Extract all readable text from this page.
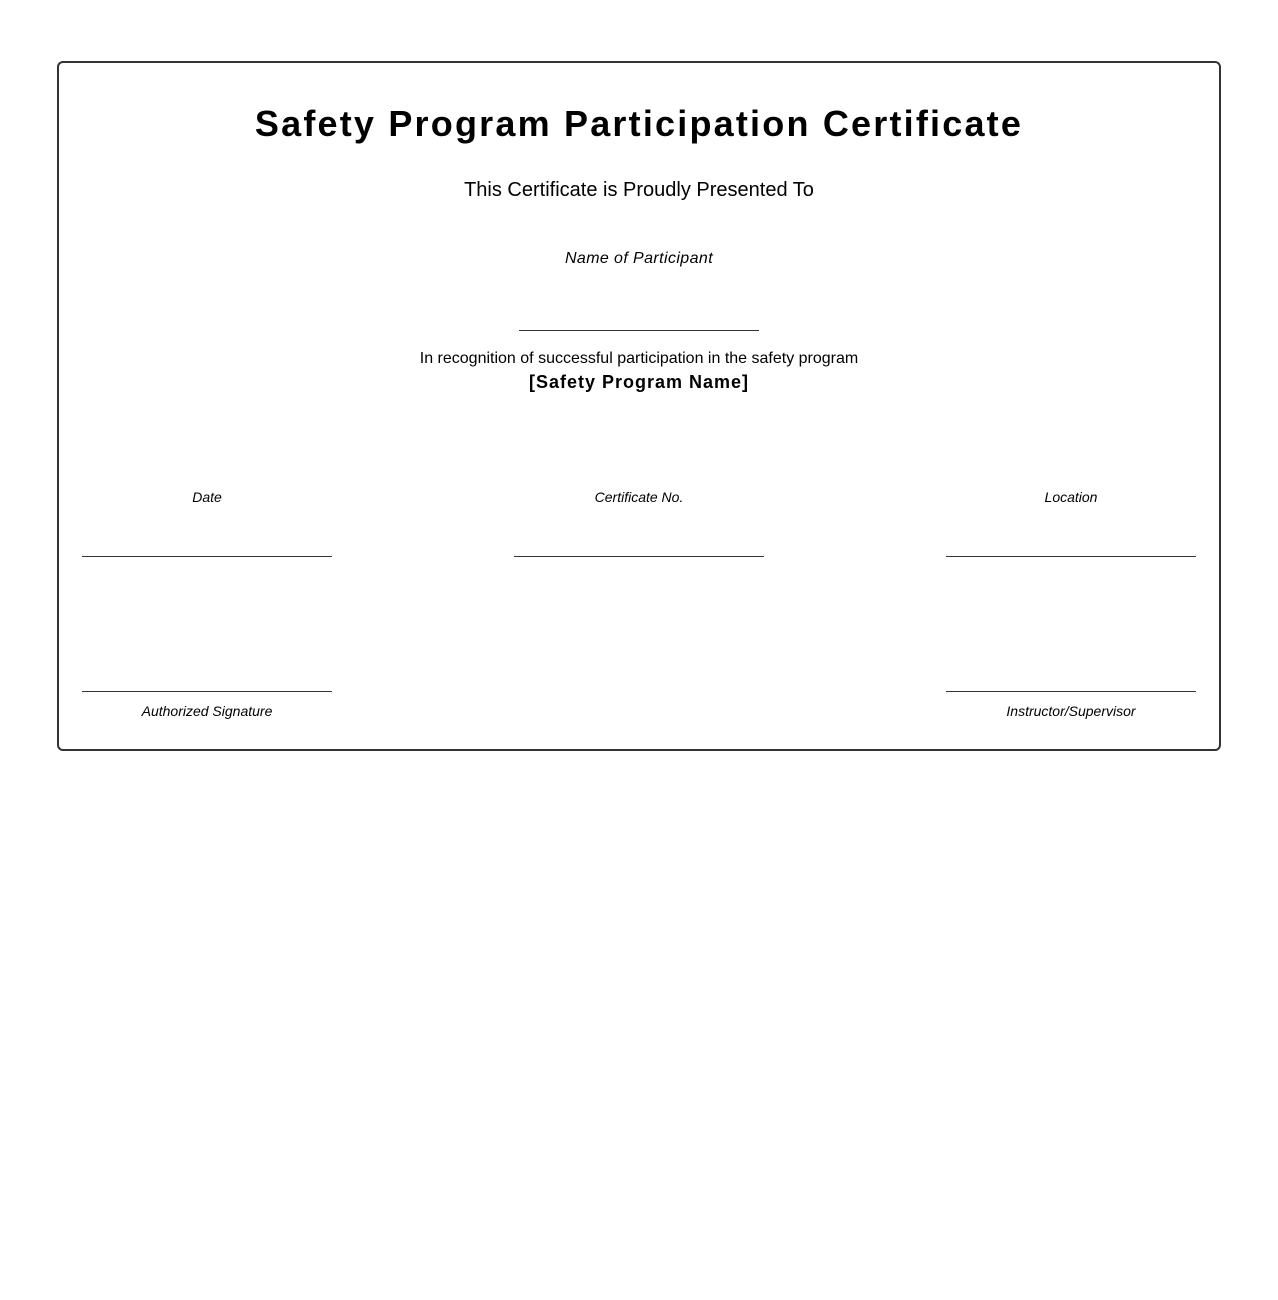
Safety Program Participation Certificate
This Certificate is Proudly Presented To
Name of Participant
In recognition of successful participation in the safety program
[Safety Program Name]
Date	Certificate No.	Location
Authorized Signature	Instructor/Supervisor
